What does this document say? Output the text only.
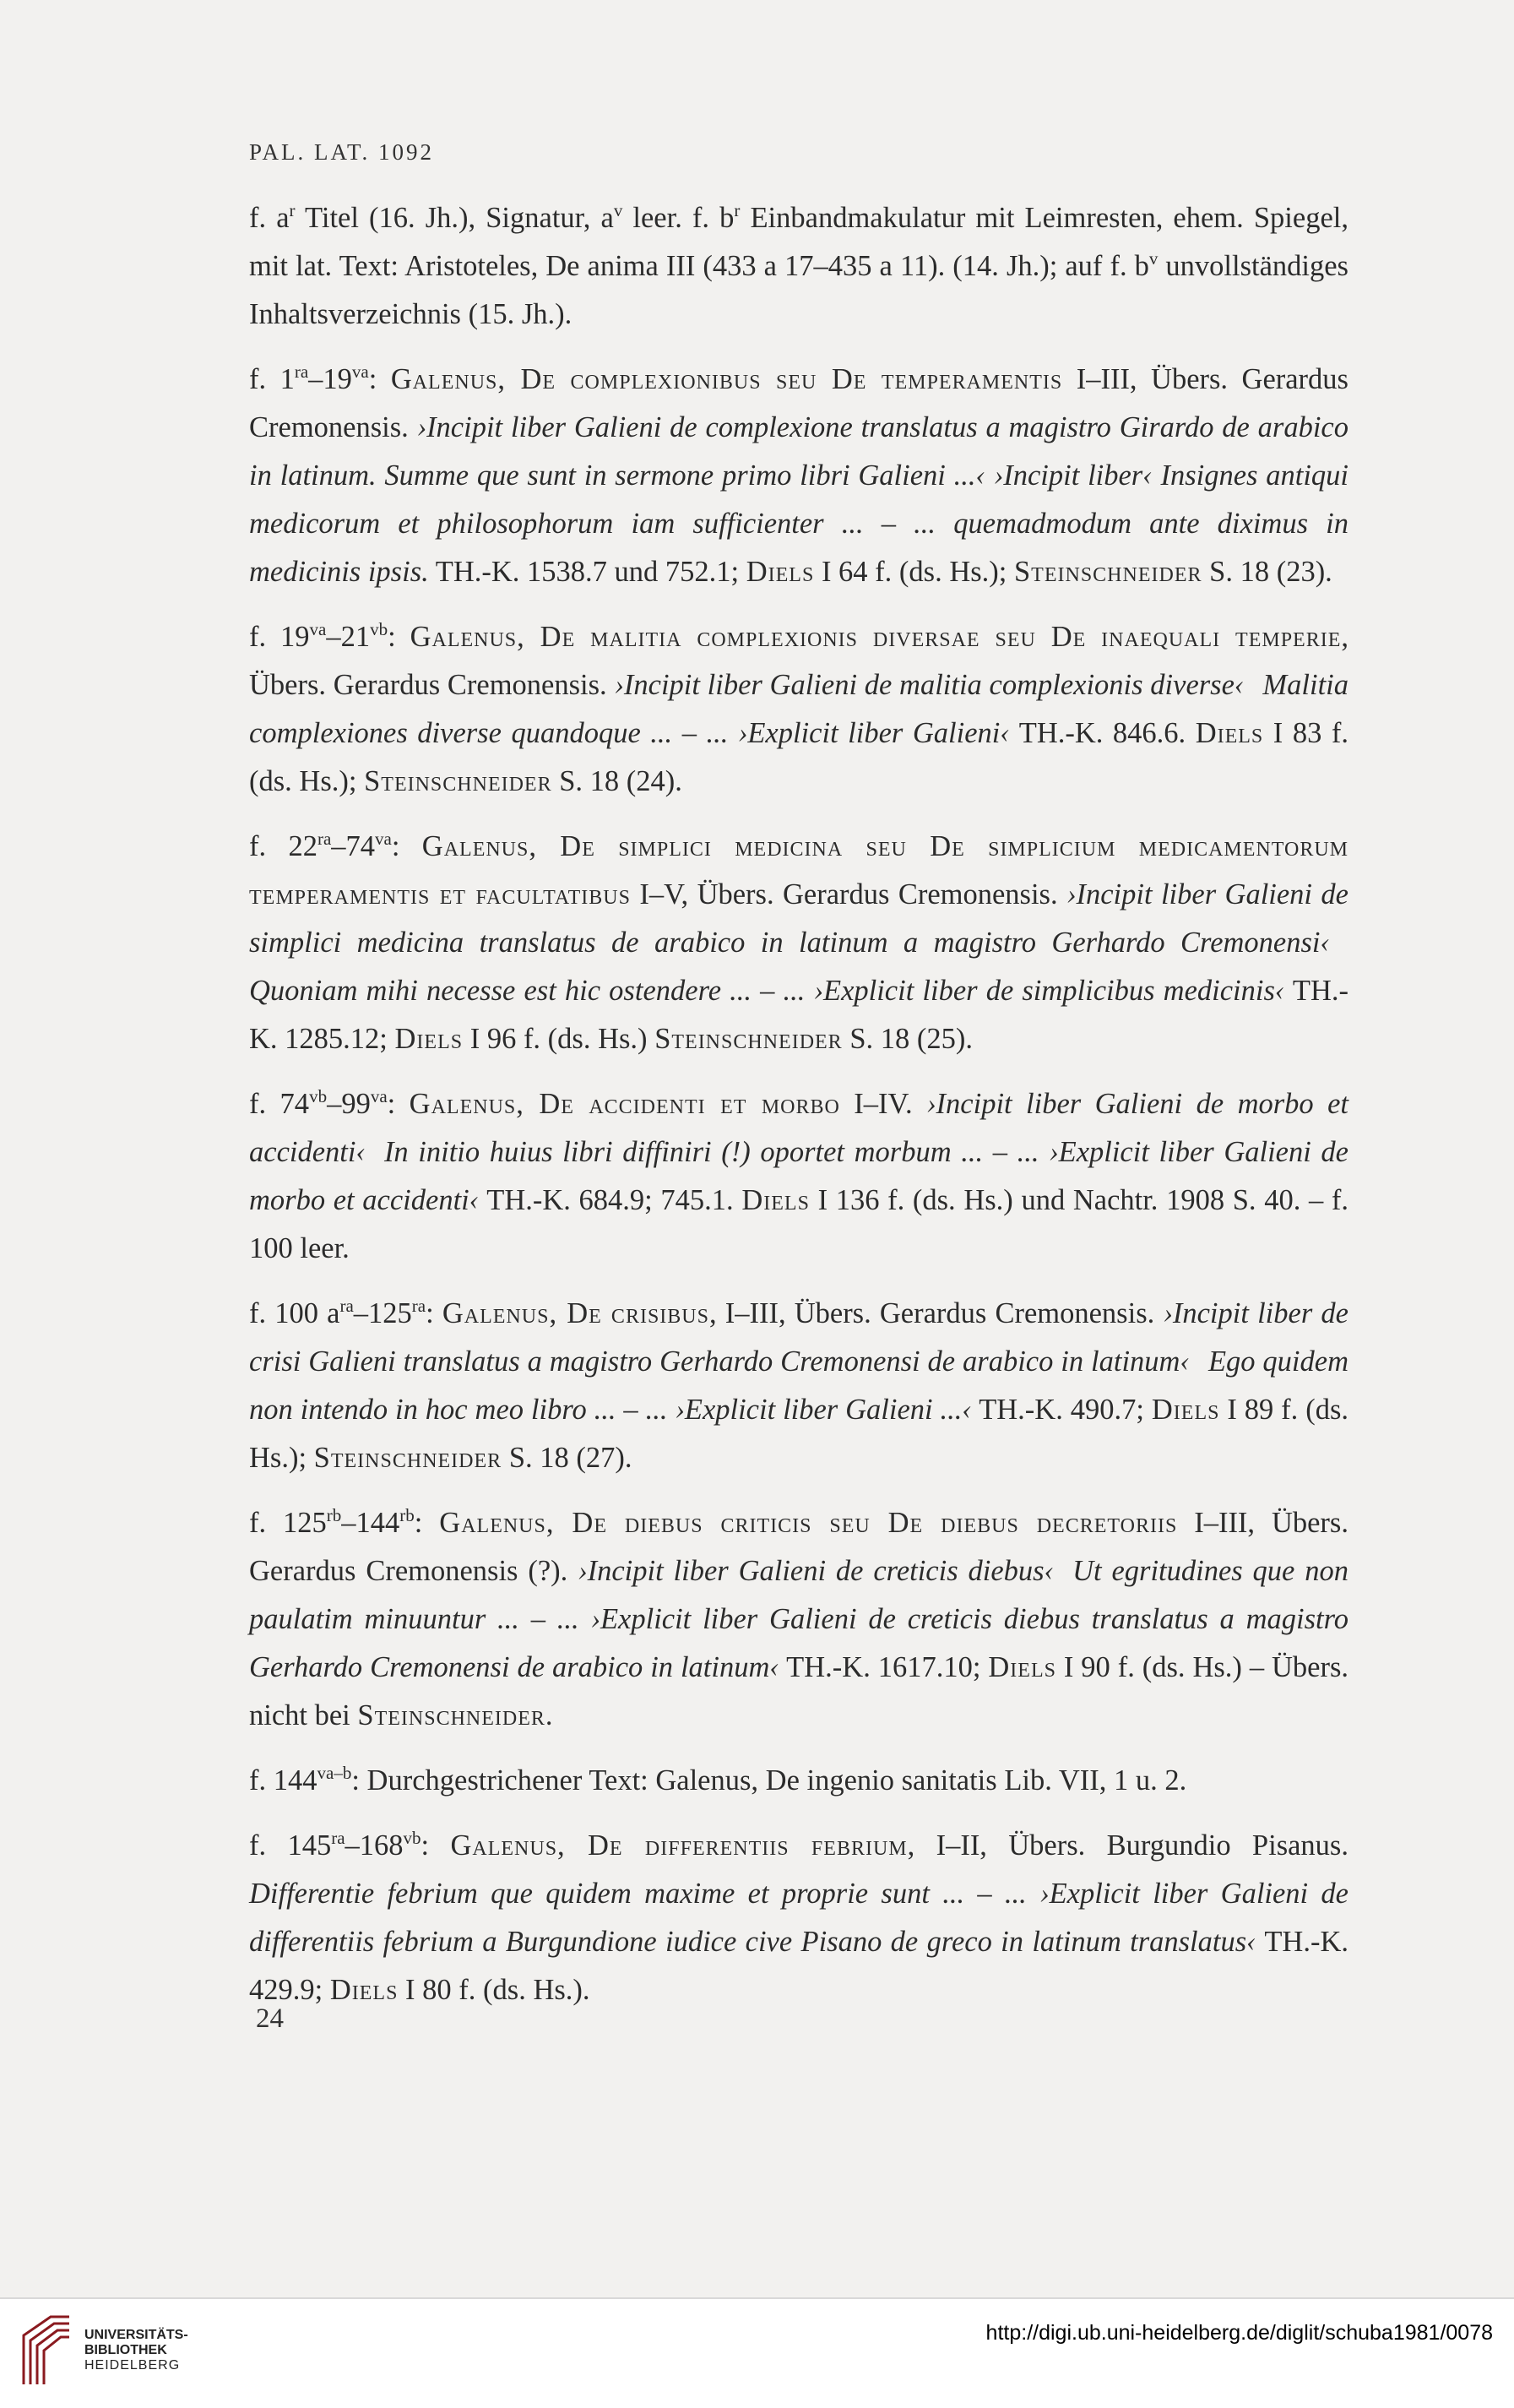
PAL. LAT. 1092

f. $a^r$ Titel (16. Jh.), Signatur, $a^v$ leer. f. $b^r$ Einbandmakulatur mit Leimresten, ehem. Spiegel, mit lat. Text: Aristoteles, De anima III (433 a 17–435 a 11). (14. Jh.); auf f. $b^v$ unvollständiges Inhaltsverzeichnis (15. Jh.).

f. $1^{ra}-19^{va}$: Galenus, De complexionibus seu De temperamentis I–III, Übers. Gerardus Cremonensis. ›Incipit liber Galieni de complexione translatus a magistro Girardo de arabico in latinum. Summe que sunt in sermone primo libri Galieni ...‹ ›Incipit liber‹ Insignes antiqui medicorum et philosophorum iam sufficienter ... – ... quemadmodum ante diximus in medicinis ipsis. TH.-K. 1538.7 und 752.1; Diels I 64 f. (ds. Hs.); Steinschneider S. 18 (23).

f. $19^{va}-21^{vb}$: Galenus, De malitia complexionis diversae seu De inaequali temperie, Übers. Gerardus Cremonensis. ›Incipit liber Galieni de malitia complexionis diverse‹ Malitia complexiones diverse quandoque ... – ... ›Explicit liber Galieni‹ TH.-K. 846.6. Diels I 83 f. (ds. Hs.); Steinschneider S. 18 (24).

f. $22^{ra}-74^{va}$: Galenus, De simplici medicina seu De simplicium medicamentorum temperamentis et facultatibus I–V, Übers. Gerardus Cremonensis. ›Incipit liber Galieni de simplici medicina translatus de arabico in latinum a magistro Gerhardo Cremonensi‹Quoniam mihi necesse est hic ostendere ... – ... ›Explicit liber de simplicibus medicinis‹ TH.-K. 1285.12; Diels I 96 f. (ds. Hs.) Steinschneider S. 18 (25).

f. $74^{vb}-99^{va}$: Galenus, De accidenti et morbo I–IV. ›Incipit liber Galieni de morbo et accidenti‹ In initio huius libri diffiniri (!) oportet morbum ... – ... ›Explicit liber Galieni de morbo et accidenti‹ TH.-K. 684.9; 745.1. Diels I 136 f. (ds. Hs.) und Nachtr. 1908 S. 40. – f. 100 leer.

f. 100 $a^{ra}-125^{ra}$: Galenus, De crisibus, I–III, Übers. Gerardus Cremonensis. ›Incipit liber de crisi Galieni translatus a magistro Gerhardo Cremonensi de arabico in latinum‹ Ego quidem non intendo in hoc meo libro ... – ... ›Explicit liber Galieni ...‹ TH.-K. 490.7; Diels I 89 f. (ds. Hs.); Steinschneider S. 18 (27).

f. $125^{rb}-144^{rb}$: Galenus, De diebus criticis seu De diebus decretoriis I–III, Übers. Gerardus Cremonensis (?). ›Incipit liber Galieni de creticis diebus‹ Ut egritudines que non paulatim minuuntur ... – ... ›Explicit liber Galieni de creticis diebus translatus a magistro Gerhardo Cremonensi de arabico in latinum‹ TH.-K. 1617.10; Diels I 90 f. (ds. Hs.) – Übers. nicht bei Steinschneider.

f. $144^{va-b}$: Durchgestrichener Text: Galenus, De ingenio sanitatis Lib. VII, 1 u. 2.

f. $145^{ra}-168^{vb}$: Galenus, De differentiis febrium, I–II, Übers. Burgundio Pisanus. Differentie febrium que quidem maxime et proprie sunt ... – ... ›Explicit liber Galieni de differentiis febrium a Burgundione iudice cive Pisano de greco in latinum translatus‹ TH.-K. 429.9; Diels I 80 f. (ds. Hs.).

24
UNIVERSITÄTS-
BIBLIOTHEK
HEIDELBERG
http://digi.ub.uni-heidelberg.de/diglit/schuba1981/0078
